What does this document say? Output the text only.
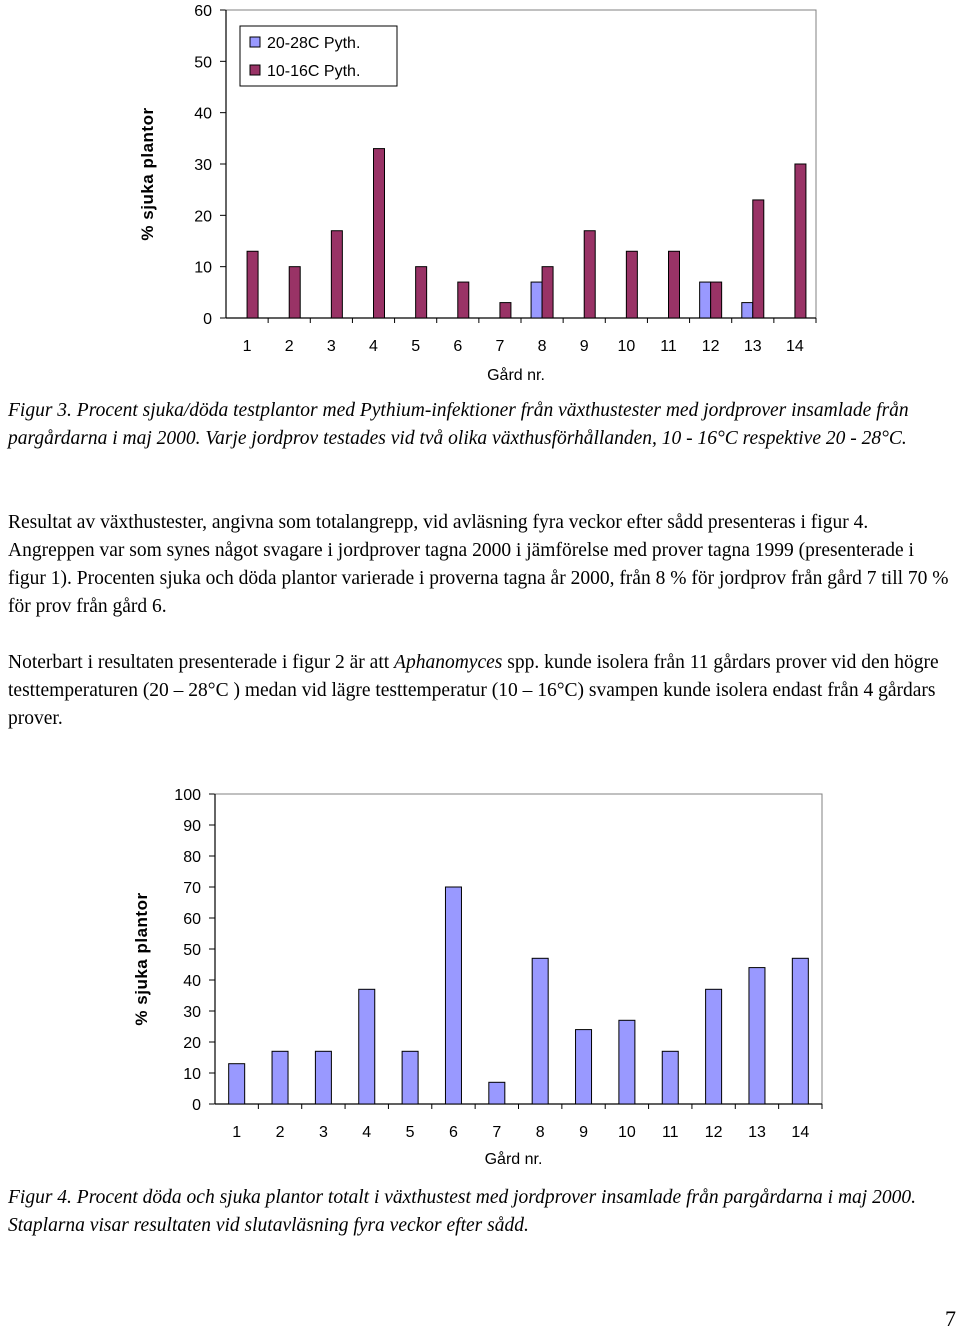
0
10
20
30
40
50
60
1 2 3 4 5 6 7 8 9 10 11 12 13 14
Gård nr.
% sjuka plantor
20-28C Pyth.
10-16C Pyth.

Figur 3. Procent sjuka/döda testplantor med Pythium-infektioner från växthustester med jordprover insamlade från pargårdarna i maj 2000. Varje jordprov testades vid två olika växthusförhållanden, 10 - 16°C respektive 20 - 28°C.

Resultat av växthustester, angivna som totalangrepp, vid avläsning fyra veckor efter sådd presenteras i figur 4. Angreppen var som synes något svagare i jordprover tagna 2000 i jämförelse med prover tagna 1999 (presenterade i figur 1). Procenten sjuka och döda plantor varierade i proverna tagna år 2000, från 8 % för jordprov från gård 7 till 70 % för prov från gård 6.

Noterbart i resultaten presenterade i figur 2 är att Aphanomyces spp. kunde isolera från 11 gårdars prover vid den högre testtemperaturen (20 – 28°C ) medan vid lägre testtemperatur (10 – 16°C) svampen kunde isolera endast från 4 gårdars prover.

0
10
20
30
40
50
60
70
80
90
100
1 2 3 4 5 6 7 8 9 10 11 12 13 14
Gård nr.
% sjuka plantor

Figur 4. Procent döda och sjuka plantor totalt i växthustest med jordprover insamlade från pargårdarna i maj 2000. Staplarna visar resultaten vid slutavläsning fyra veckor efter sådd.

7
